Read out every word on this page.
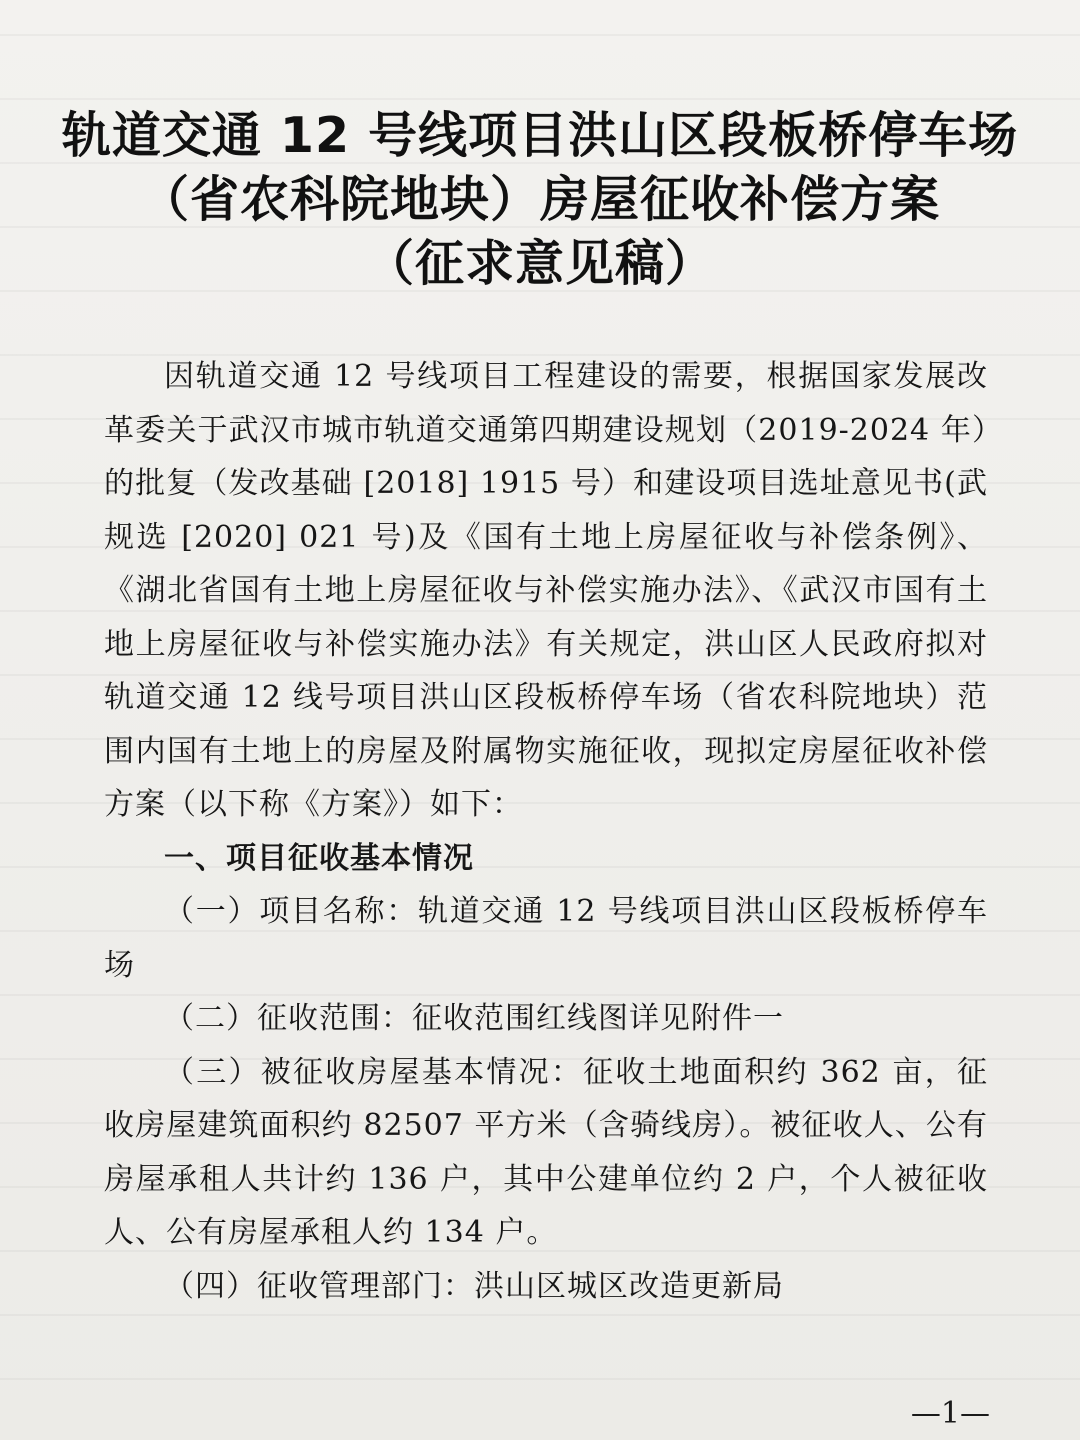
轨道交通 12 号线项目洪山区段板桥停车场
（省农科院地块）房屋征收补偿方案
（征求意见稿）

因轨道交通 12 号线项目工程建设的需要，根据国家发展改革委关于武汉市城市轨道交通第四期建设规划（2019-2024 年）的批复（发改基础 [2018] 1915 号）和建设项目选址意见书(武规选 [2020] 021 号)及《国有土地上房屋征收与补偿条例》、《湖北省国有土地上房屋征收与补偿实施办法》、《武汉市国有土地上房屋征收与补偿实施办法》有关规定，洪山区人民政府拟对轨道交通 12 线号项目洪山区段板桥停车场（省农科院地块）范围内国有土地上的房屋及附属物实施征收，现拟定房屋征收补偿方案（以下称《方案》）如下：

一、项目征收基本情况

（一）项目名称：轨道交通 12 号线项目洪山区段板桥停车场

（二）征收范围：征收范围红线图详见附件一

（三）被征收房屋基本情况：征收土地面积约 362 亩，征收房屋建筑面积约 82507 平方米（含骑线房）。被征收人、公有房屋承租人共计约 136 户，其中公建单位约 2 户，个人被征收人、公有房屋承租人约 134 户。

（四）征收管理部门：洪山区城区改造更新局

—1—
